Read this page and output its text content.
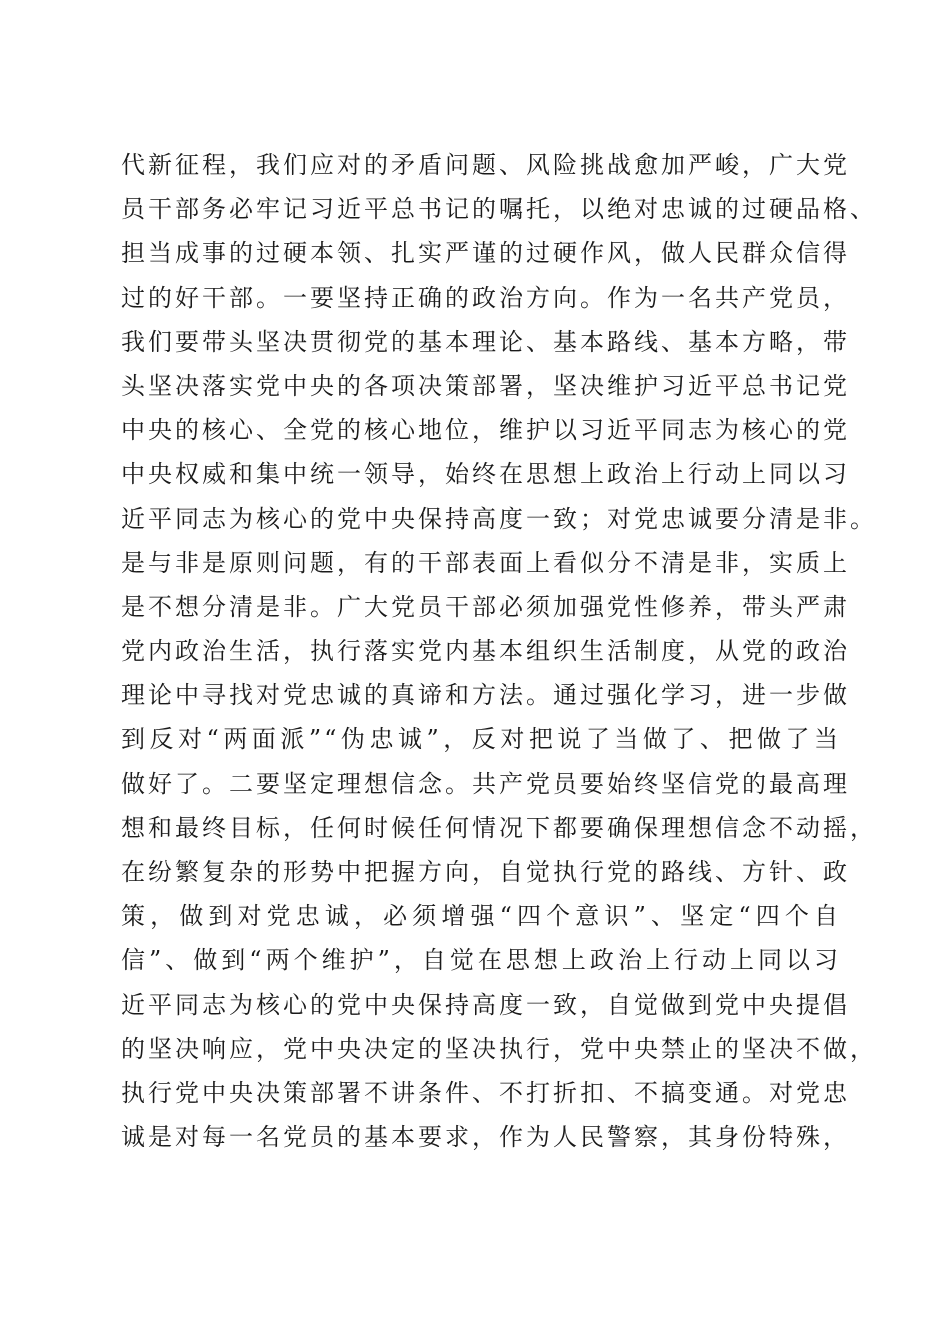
代新征程，我们应对的矛盾问题、风险挑战愈加严峻，广大党
员干部务必牢记习近平总书记的嘱托，以绝对忠诚的过硬品格、
担当成事的过硬本领、扎实严谨的过硬作风，做人民群众信得
过的好干部。一要坚持正确的政治方向。作为一名共产党员，
我们要带头坚决贯彻党的基本理论、基本路线、基本方略，带
头坚决落实党中央的各项决策部署，坚决维护习近平总书记党
中央的核心、全党的核心地位，维护以习近平同志为核心的党
中央权威和集中统一领导，始终在思想上政治上行动上同以习
近平同志为核心的党中央保持高度一致；对党忠诚要分清是非。
是与非是原则问题，有的干部表面上看似分不清是非，实质上
是不想分清是非。广大党员干部必须加强党性修养，带头严肃
党内政治生活，执行落实党内基本组织生活制度，从党的政治
理论中寻找对党忠诚的真谛和方法。通过强化学习，进一步做
到反对“两面派”“伪忠诚”，反对把说了当做了、把做了当
做好了。二要坚定理想信念。共产党员要始终坚信党的最高理
想和最终目标，任何时候任何情况下都要确保理想信念不动摇，
在纷繁复杂的形势中把握方向，自觉执行党的路线、方针、政
策，做到对党忠诚，必须增强“四个意识”、坚定“四个自
信”、做到“两个维护”，自觉在思想上政治上行动上同以习
近平同志为核心的党中央保持高度一致，自觉做到党中央提倡
的坚决响应，党中央决定的坚决执行，党中央禁止的坚决不做，
执行党中央决策部署不讲条件、不打折扣、不搞变通。对党忠
诚是对每一名党员的基本要求，作为人民警察，其身份特殊，
